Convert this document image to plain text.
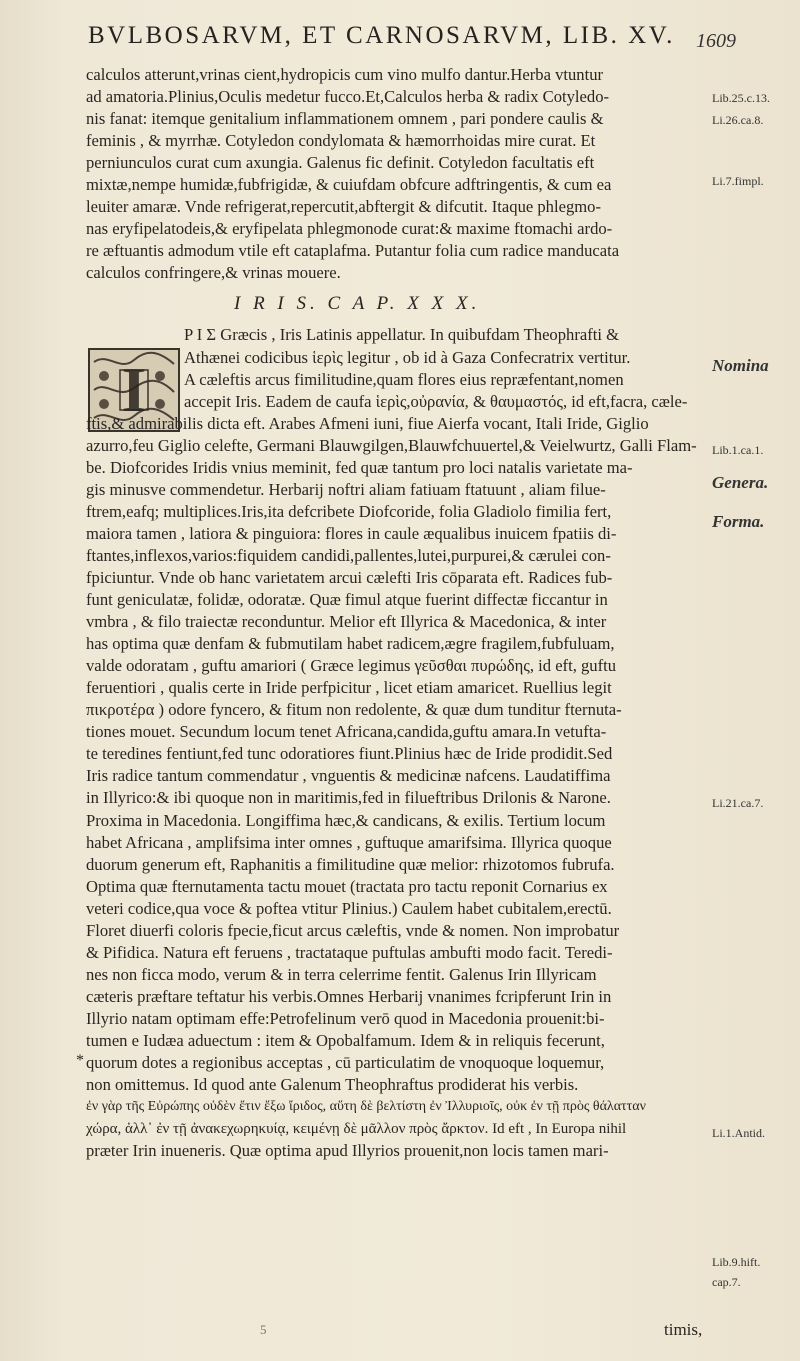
BVLBOSARVM, ET CARNOSARVM, LIB. XV.	1609
I
calculos atterunt,vrinas cient,hydropicis cum vino mulfo dantur.Herba vtuntur
ad amatoria.Plinius,Oculis medetur fucco.Et,Calculos herba & radix Cotyledo-
nis fanat: itemque genitalium inflammationem omnem , pari pondere caulis &
feminis , & myrrhæ. Cotyledon condylomata & hæmorrhoidas mire curat. Et
perniunculos curat cum axungia. Galenus fic definit. Cotyledon facultatis eft
mixtæ,nempe humidæ,fubfrigidæ, & cuiufdam obfcure adftringentis, & cum ea
leuiter amaræ. Vnde refrigerat,repercutit,abftergit & difcutit. Itaque phlegmo-
nas eryfipelatodeis,& eryfipelata phlegmonode curat:& maxime ftomachi ardo-
re æftuantis admodum vtile eft cataplafma. Putantur folia cum radice manducata
calculos confringere,& vrinas mouere.
I R I S. C A P. X X X.
P I Σ Græcis , Iris Latinis appellatur. In quibufdam Theophrafti &
Athænei codicibus ἱερὶς legitur , ob id à Gaza Confecratrix vertitur.
A cæleftis arcus fimilitudine,quam flores eius repræfentant,nomen
accepit Iris. Eadem de caufa ἱερὶς,οὐρανία, & θαυμαστός, id eft,facra, cæle-
ftis,& admirabilis dicta eft. Arabes Afmeni iuni, fiue Aierfa vocant, Itali Iride, Giglio
azurro,feu Giglio celefte, Germani Blauwgilgen,Blauwfchuuertel,& Veielwurtz, Galli Flam-
be. Diofcorides Iridis vnius meminit, fed quæ tantum pro loci natalis varietate ma-
gis minusve commendetur. Herbarij noftri aliam fatiuam ftatuunt , aliam filue-
ftrem,eafq; multiplices.Iris,ita defcribete Diofcoride, folia Gladiolo fimilia fert,
maiora tamen , latiora & pinguiora: flores in caule æqualibus inuicem fpatiis di-
ftantes,inflexos,varios:fiquidem candidi,pallentes,lutei,purpurei,& cærulei con-
fpiciuntur. Vnde ob hanc varietatem arcui cælefti Iris cōparata eft. Radices fub-
funt geniculatæ, folidæ, odoratæ. Quæ fimul atque fuerint diffectæ ficcantur in
vmbra , & filo traiectæ reconduntur. Melior eft Illyrica & Macedonica, & inter
has optima quæ denfam & fubmutilam habet radicem,ægre fragilem,fubfuluam,
valde odoratam , guftu amariori ( Græce legimus γεῦσθαι πυρώδης, id eft, guftu
feruentiori , qualis certe in Iride perfpicitur , licet etiam amaricet. Ruellius legit
πικροτέρα ) odore fyncero, & fitum non redolente, & quæ dum tunditur fternuta-
tiones mouet. Secundum locum tenet Africana,candida,guftu amara.In vetufta-
te teredines fentiunt,fed tunc odoratiores fiunt.Plinius hæc de Iride prodidit.Sed
Iris radice tantum commendatur , vnguentis & medicinæ nafcens. Laudatiffima
in Illyrico:& ibi quoque non in maritimis,fed in filueftribus Drilonis & Narone.
Proxima in Macedonia. Longiffima hæc,& candicans, & exilis. Tertium locum
habet Africana , amplifsima inter omnes , guftuque amarifsima. Illyrica quoque
duorum generum eft, Raphanitis a fimilitudine quæ melior: rhizotomos fubrufa.
Optima quæ fternutamenta tactu mouet (tractata pro tactu reponit Cornarius ex
veteri codice,qua voce & poftea vtitur Plinius.) Caulem habet cubitalem,erectū.
Floret diuerfi coloris fpecie,ficut arcus cæleftis, vnde & nomen. Non improbatur
& Pifidica. Natura eft feruens , tractataque puftulas ambufti modo facit. Teredi-
nes non ficca modo, verum & in terra celerrime fentit. Galenus Irin Illyricam
cæteris præftare teftatur his verbis.Omnes Herbarij vnanimes fcripferunt Irin in
Illyrio natam optimam effe:Petrofelinum verō quod in Macedonia prouenit:bi-
tumen e Iudæa aduectum : item & Opobalfamum. Idem & in reliquis fecerunt,
quorum dotes a regionibus acceptas , cū particulatim de vnoquoque loquemur,
non omittemus. Id quod ante Galenum Theophraftus prodiderat his verbis.
ἐν γὰρ τῆς Εὐρώπης οὐδὲν ἔτιν ἔξω ἴριδος, αὕτη δὲ βελτίστη ἐν Ἰλλυριοῖς, οὐκ ἐν τῇ πρὸς θάλατταν
χώρα, ἀλλ᾽ ἐν τῇ ἀνακεχωρηκυίᾳ, κειμένῃ δὲ μᾶλλον πρὸς ἄρκτον. Id eft , In Europa nihil
præter Irin inueneris. Quæ optima apud Illyrios prouenit,non locis tamen mari-
*
Lib.25.c.13.
Li.26.ca.8.
Li.7.fimpl.
Nomina
Lib.1.ca.1.
Genera.
Forma.
Li.21.ca.7.
Li.1.Antid.
Lib.9.hift.
cap.7.
5	timis,
